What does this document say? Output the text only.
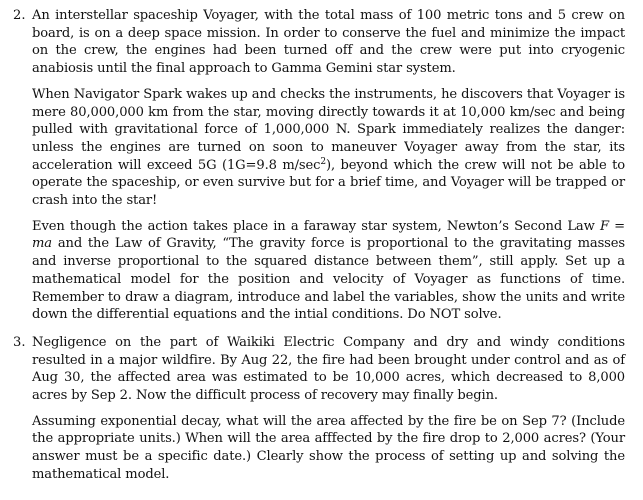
2. An interstellar spaceship Voyager, with the total mass of 100 metric tons and 5 crew on board, is on a deep space mission. In order to conserve the fuel and minimize the impact on the crew, the engines had been turned off and the crew were put into cryogenic anabiosis until the final approach to Gamma Gemini star system.

When Navigator Spark wakes up and checks the instruments, he discovers that Voyager is mere 80,000,000 km from the star, moving directly towards it at 10,000 km/sec and being pulled with gravitational force of 1,000,000 N. Spark immediately realizes the danger: unless the engines are turned on soon to maneuver Voyager away from the star, its acceleration will exceed 5G (1G=9.8 $m/\sec^2$), beyond which the crew will not be able to operate the spaceship, or even survive but for a brief time, and Voyager will be trapped or crash into the star!

Even though the action takes place in a faraway star system, Newton’s Second Law F = ma and the Law of Gravity, “The gravity force is proportional to the gravitating masses and inverse proportional to the squared distance between them”, still apply. Set up a mathematical model for the position and velocity of Voyager as functions of time. Remember to draw a diagram, introduce and label the variables, show the units and write down the differential equations and the intial conditions. Do NOT solve.

3. Negligence on the part of Waikiki Electric Company and dry and windy conditions resulted in a major wildfire. By Aug 22, the fire had been brought under control and as of Aug 30, the affected area was estimated to be 10,000 acres, which decreased to 8,000 acres by Sep 2. Now the difficult process of recovery may finally begin.

Assuming exponential decay, what will the area affected by the fire be on Sep 7? (Include the appropriate units.) When will the area afffected by the fire drop to 2,000 acres? (Your answer must be a specific date.) Clearly show the process of setting up and solving the mathematical model.
